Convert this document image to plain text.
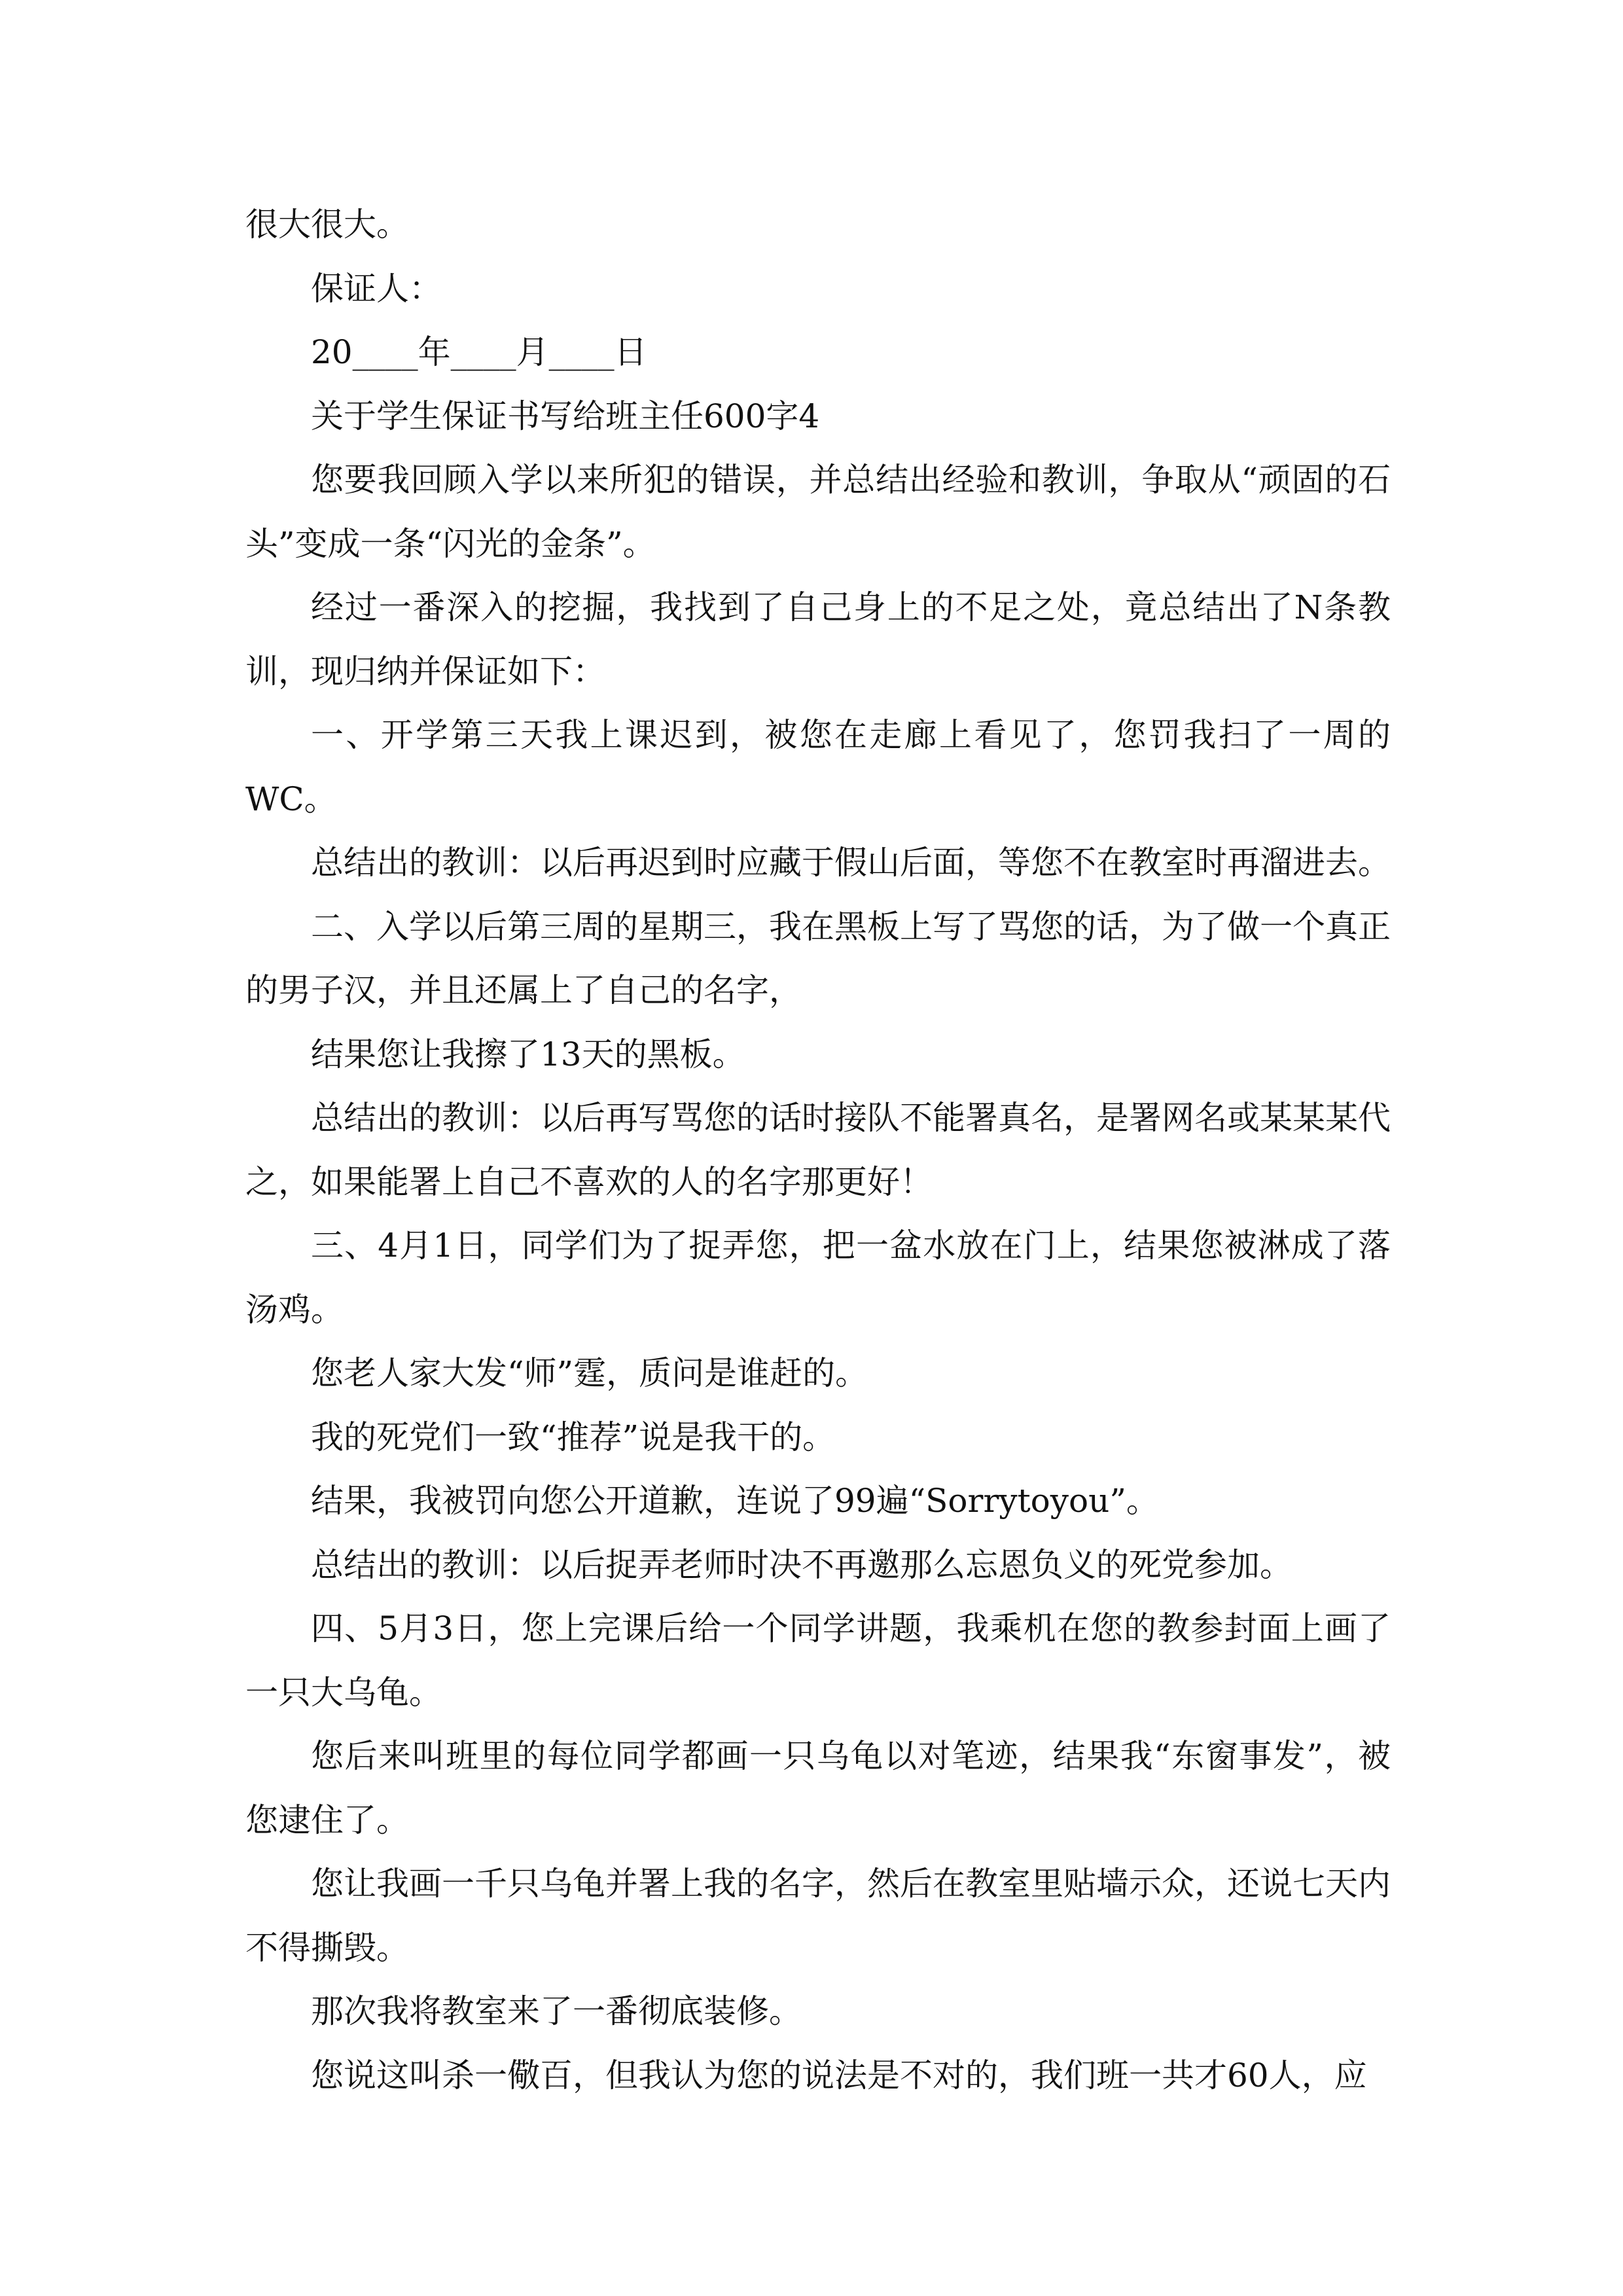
很大很大。

保证人：

20____年____月____日

关于学生保证书写给班主任600字4

您要我回顾入学以来所犯的错误，并总结出经验和教训，争取从“顽固的石头”变成一条“闪光的金条”。

经过一番深入的挖掘，我找到了自己身上的不足之处，竟总结出了N条教训，现归纳并保证如下：

一、开学第三天我上课迟到，被您在走廊上看见了，您罚我扫了一周的WC。

总结出的教训：以后再迟到时应藏于假山后面，等您不在教室时再溜进去。

二、入学以后第三周的星期三，我在黑板上写了骂您的话，为了做一个真正的男子汉，并且还属上了自己的名字，

结果您让我擦了13天的黑板。

总结出的教训：以后再写骂您的话时接队不能署真名，是署网名或某某某代之，如果能署上自己不喜欢的人的名字那更好！

三、4月1日，同学们为了捉弄您，把一盆水放在门上，结果您被淋成了落汤鸡。

您老人家大发“师”霆，质问是谁赶的。

我的死党们一致“推荐”说是我干的。

结果，我被罚向您公开道歉，连说了99遍“Sorrytoyou”。

总结出的教训：以后捉弄老师时决不再邀那么忘恩负义的死党参加。

四、5月3日，您上完课后给一个同学讲题，我乘机在您的教参封面上画了一只大乌龟。

您后来叫班里的每位同学都画一只乌龟以对笔迹，结果我“东窗事发”，被您逮住了。

您让我画一千只乌龟并署上我的名字，然后在教室里贴墙示众，还说七天内不得撕毁。

那次我将教室来了一番彻底装修。

您说这叫杀一儆百，但我认为您的说法是不对的，我们班一共才60人，应
